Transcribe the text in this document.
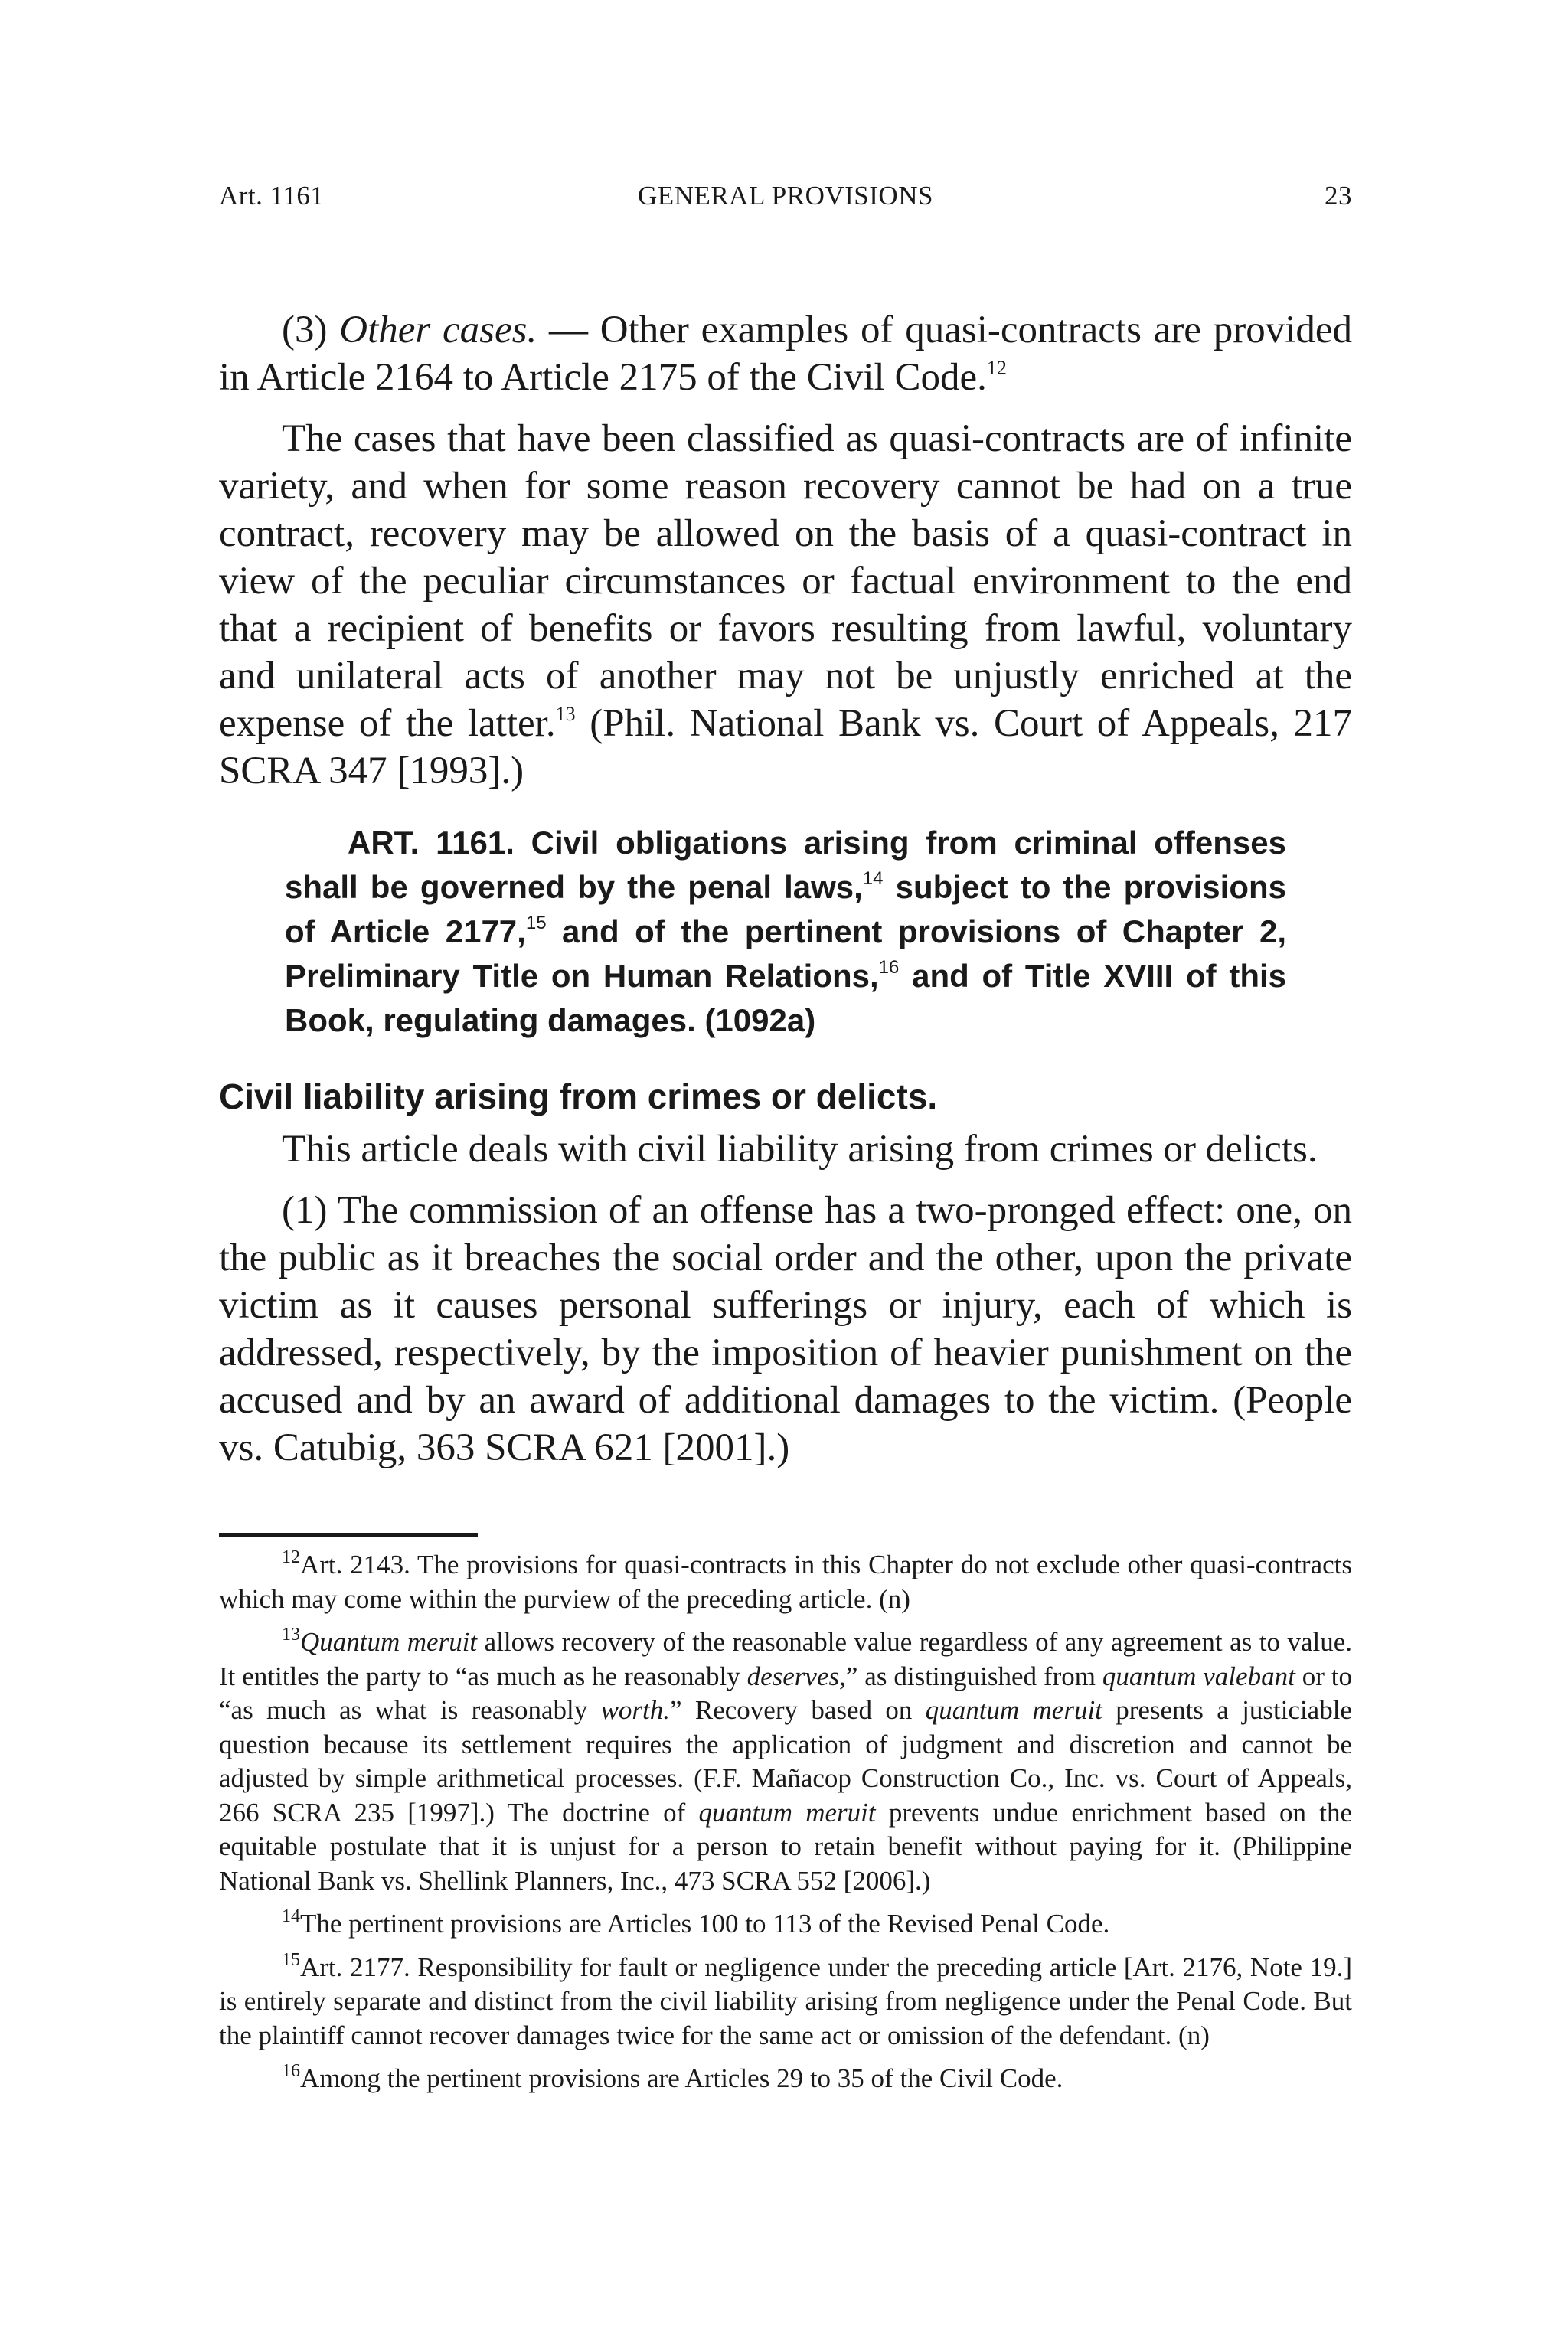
Art. 1161	GENERAL PROVISIONS	23

(3) Other cases. — Other examples of quasi-contracts are provided in Article 2164 to Article 2175 of the Civil Code.$^{12}$

The cases that have been classified as quasi-contracts are of infinite variety, and when for some reason recovery cannot be had on a true contract, recovery may be allowed on the basis of a quasi-contract in view of the peculiar circumstances or factual environment to the end that a recipient of benefits or favors resulting from lawful, voluntary and unilateral acts of another may not be unjustly enriched at the expense of the latter.$^{13}$ (Phil. National Bank vs. Court of Appeals, 217 SCRA 347 [1993].)

ART. 1161. Civil obligations arising from criminal offenses shall be governed by the penal laws,$^{14}$ subject to the provisions of Article 2177,15 and of the pertinent provisions of Chapter 2, Preliminary Title on Human Relations,$^{16}$ and of Title XVIII of this Book, regulating damages. (1092a)
Civil liability arising from crimes or delicts.

This article deals with civil liability arising from crimes or delicts.

(1) The commission of an offense has a two-pronged effect: one, on the public as it breaches the social order and the other, upon the private victim as it causes personal sufferings or injury, each of which is addressed, respectively, by the imposition of heavier punishment on the accused and by an award of additional damages to the victim. (People vs. Catubig, 363 SCRA 621 [2001].)

$^{12}$Art. 2143. The provisions for quasi-contracts in this Chapter do not exclude other quasi-contracts which may come within the purview of the preceding article. (n)

$^{13}$Quantum meruit allows recovery of the reasonable value regardless of any agreement as to value. It entitles the party to “as much as he reasonably deserves,” as distinguished from quantum valebant or to “as much as what is reasonably worth.” Recovery based on quantum meruit presents a justiciable question because its settlement requires the application of judgment and discretion and cannot be adjusted by simple arithmetical processes. (F.F. Mañacop Construction Co., Inc. vs. Court of Appeals, 266 SCRA 235 [1997].) The doctrine of quantum meruit prevents undue enrichment based on the equitable postulate that it is unjust for a person to retain benefit without paying for it. (Philippine National Bank vs. Shellink Planners, Inc., 473 SCRA 552 [2006].)

$^{14}$The pertinent provisions are Articles 100 to 113 of the Revised Penal Code.

$^{15}$Art. 2177. Responsibility for fault or negligence under the preceding article [Art. 2176, Note 19.] is entirely separate and distinct from the civil liability arising from negligence under the Penal Code. But the plaintiff cannot recover damages twice for the same act or omission of the defendant. (n)

$^{16}$Among the pertinent provisions are Articles 29 to 35 of the Civil Code.
